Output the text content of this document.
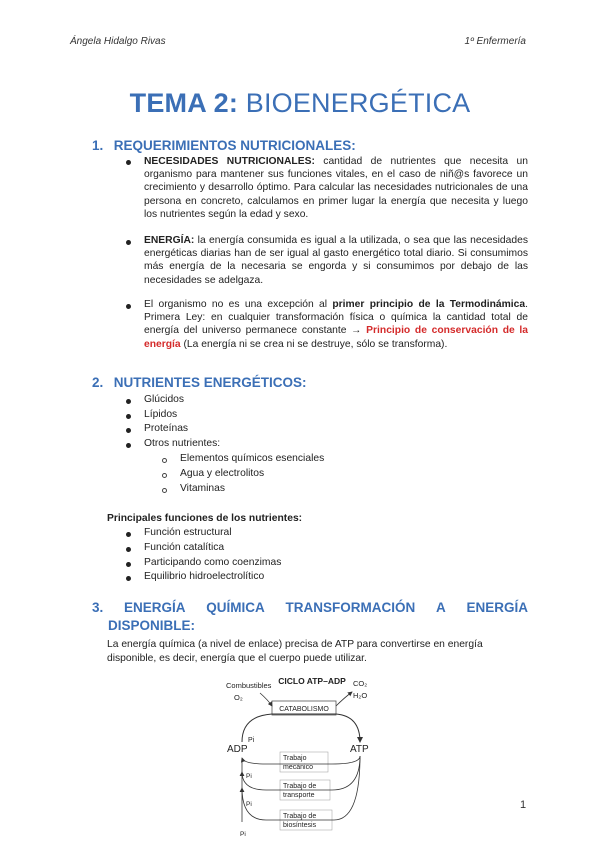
Ángela Hidalgo Rivas	1º Enfermería
TEMA 2: BIOENERGÉTICA
1. REQUERIMIENTOS NUTRICIONALES:
NECESIDADES NUTRICIONALES: cantidad de nutrientes que necesita un organismo para mantener sus funciones vitales, en el caso de niñ@s favorece un crecimiento y desarrollo óptimo. Para calcular las necesidades nutricionales de una persona en concreto, calculamos en primer lugar la energía que necesita y luego los nutrientes según la edad y sexo.
ENERGÍA: la energía consumida es igual a la utilizada, o sea que las necesidades energéticas diarias han de ser igual al gasto energético total diario. Si consumimos más energía de la necesaria se engorda y si consumimos por debajo de las necesidades se adelgaza.
El organismo no es una excepción al primer principio de la Termodinámica. Primera Ley: en cualquier transformación física o química la cantidad total de energía del universo permanece constante → Principio de conservación de la energía (La energía ni se crea ni se destruye, sólo se transforma).
2. NUTRIENTES ENERGÉTICOS:
Glúcidos
Lípidos
Proteínas
Otros nutrientes:
Elementos químicos esenciales
Agua y electrolitos
Vitaminas
Principales funciones de los nutrientes:
Función estructural
Función catalítica
Participando como coenzimas
Equilibrio hidroelectrolítico
3. ENERGÍA QUÍMICA TRANSFORMACIÓN A ENERGÍA
DISPONIBLE:
La energía química (a nivel de enlace) precisa de ATP para convertirse en energía disponible, es decir, energía que el cuerpo puede utilizar.
CICLO ATP–ADP
Combustibles
O₂
CO₂
H₂O
CATABOLISMO
Pi
ADP	ATP
Trabajo
mecánico
Trabajo de
transporte
Trabajo de
biosíntesis
Pi
Pi
Pi
1
